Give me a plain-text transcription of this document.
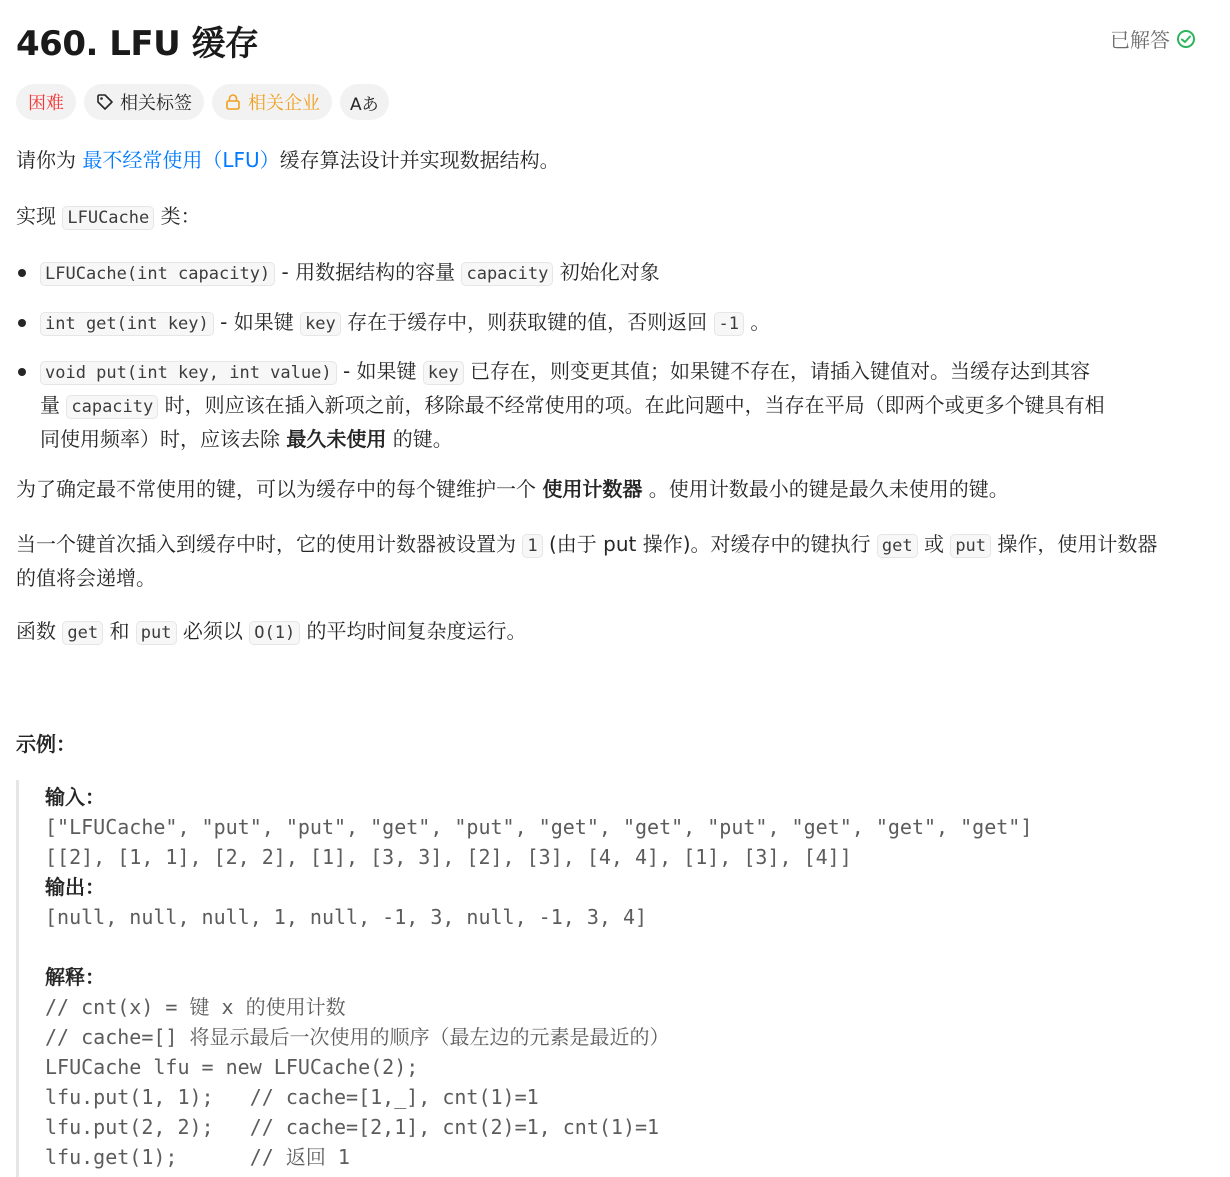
460. LFU 缓存	已解答
困难	相关标签	相关企业 Aあ
请你为 最不经常使用（LFU）缓存算法设计并实现数据结构。
实现 LFUCache 类：
LFUCache(int capacity) - 用数据结构的容量 capacity 初始化对象
int get(int key) - 如果键 key 存在于缓存中，则获取键的值，否则返回 -1 。
void put(int key, int value) - 如果键 key 已存在，则变更其值；如果键不存在，请插入键值对。当缓存达到其容
量 capacity 时，则应该在插入新项之前，移除最不经常使用的项。在此问题中，当存在平局（即两个或更多个键具有相
同使用频率）时，应该去除 最久未使用 的键。
为了确定最不常使用的键，可以为缓存中的每个键维护一个 使用计数器 。使用计数最小的键是最久未使用的键。
当一个键首次插入到缓存中时，它的使用计数器被设置为 1 (由于 put 操作)。对缓存中的键执行 get 或 put 操作，使用计数器
的值将会递增。
函数 get 和 put 必须以 O(1) 的平均时间复杂度运行。
示例：
输入：
["LFUCache", "put", "put", "get", "put", "get", "get", "put", "get", "get", "get"]
[[2], [1, 1], [2, 2], [1], [3, 3], [2], [3], [4, 4], [1], [3], [4]]
输出：
[null, null, null, 1, null, -1, 3, null, -1, 3, 4]
解释：
// cnt(x) = 键 x 的使用计数
// cache=[] 将显示最后一次使用的顺序（最左边的元素是最近的）
LFUCache lfu = new LFUCache(2);
lfu.put(1, 1);   // cache=[1,_], cnt(1)=1
lfu.put(2, 2);   // cache=[2,1], cnt(2)=1, cnt(1)=1
lfu.get(1);      // 返回 1
